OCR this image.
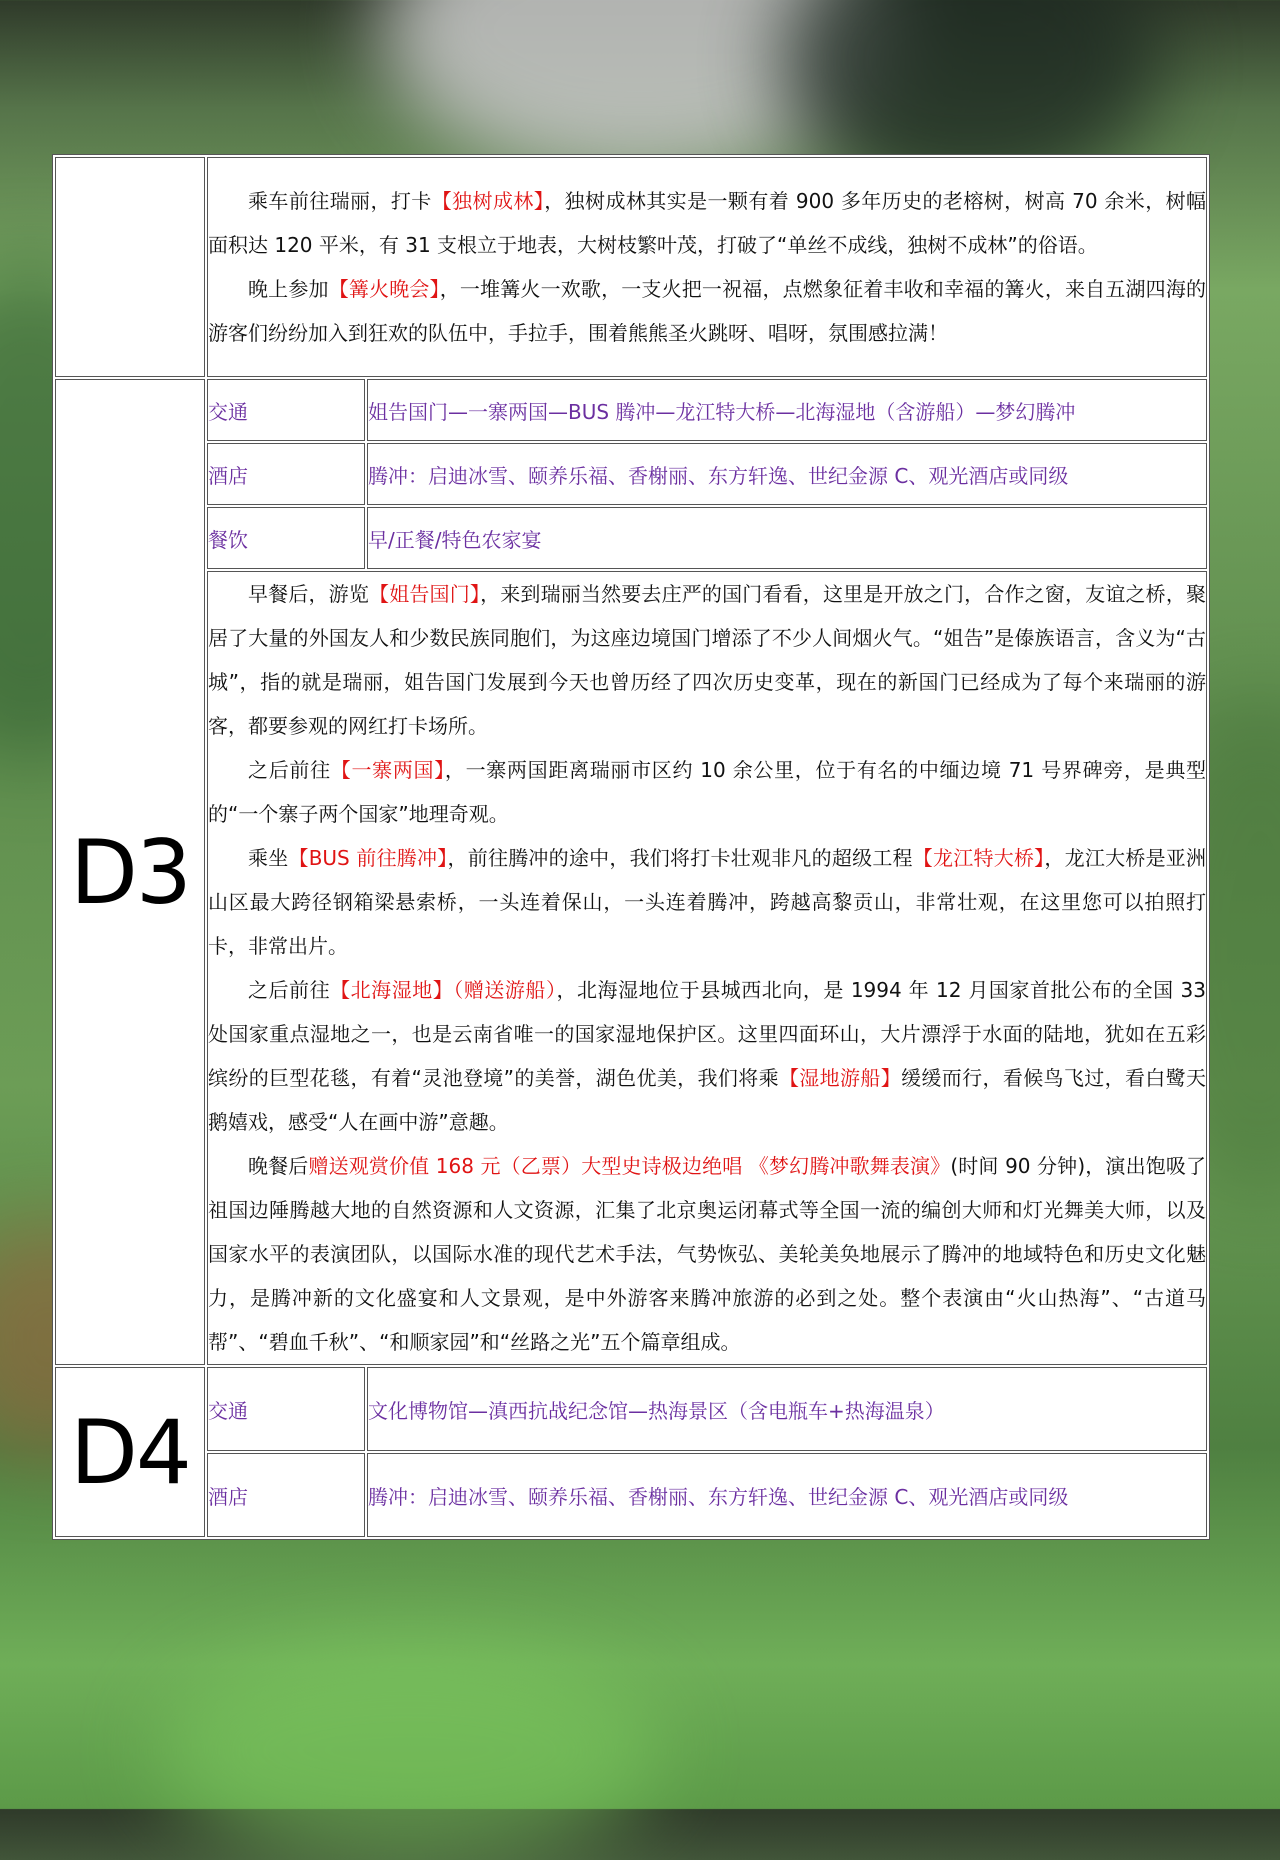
	乘车前往瑞丽，打卡【独树成林】，独树成林其实是一颗有着 900 多年历史的老榕树，树高 70 余米，树幅面积达 120 平米，有 31 支根立于地表，大树枝繁叶茂，打破了“单丝不成线，独树不成林”的俗语。

晚上参加【篝火晚会】，一堆篝火一欢歌，一支火把一祝福，点燃象征着丰收和幸福的篝火，来自五湖四海的游客们纷纷加入到狂欢的队伍中，手拉手，围着熊熊圣火跳呀、唱呀，氛围感拉满！	

D3	交通	姐告国门—一寨两国—BUS 腾冲—龙江特大桥—北海湿地（含游船）—梦幻腾冲
	酒店	腾冲：启迪冰雪、颐养乐福、香榭丽、东方轩逸、世纪金源 C、观光酒店或同级
	餐饮	早/正餐/特色农家宴

	早餐后，游览【姐告国门】，来到瑞丽当然要去庄严的国门看看，这里是开放之门，合作之窗，友谊之桥，聚居了大量的外国友人和少数民族同胞们，为这座边境国门增添了不少人间烟火气。“姐告”是傣族语言，含义为“古城”，指的就是瑞丽，姐告国门发展到今天也曾历经了四次历史变革，现在的新国门已经成为了每个来瑞丽的游客，都要参观的网红打卡场所。

之后前往【一寨两国】，一寨两国距离瑞丽市区约 10 余公里，位于有名的中缅边境 71 号界碑旁，是典型的“一个寨子两个国家”地理奇观。

乘坐【BUS 前往腾冲】，前往腾冲的途中，我们将打卡壮观非凡的超级工程【龙江特大桥】，龙江大桥是亚洲山区最大跨径钢箱梁悬索桥，一头连着保山，一头连着腾冲，跨越高黎贡山，非常壮观，在这里您可以拍照打卡，非常出片。

之后前往【北海湿地】（赠送游船），北海湿地位于县城西北向，是 1994 年 12 月国家首批公布的全国 33 处国家重点湿地之一，也是云南省唯一的国家湿地保护区。这里四面环山，大片漂浮于水面的陆地，犹如在五彩缤纷的巨型花毯，有着“灵池登境”的美誉，湖色优美，我们将乘【湿地游船】缓缓而行，看候鸟飞过，看白鹭天鹅嬉戏，感受“人在画中游”意趣。

晚餐后赠送观赏价值 168 元（乙票）大型史诗极边绝唱 《梦幻腾冲歌舞表演》(时间 90 分钟)，演出饱吸了祖国边陲腾越大地的自然资源和人文资源，汇集了北京奥运闭幕式等全国一流的编创大师和灯光舞美大师，以及国家水平的表演团队，以国际水准的现代艺术手法，气势恢弘、美轮美奂地展示了腾冲的地域特色和历史文化魅力，是腾冲新的文化盛宴和人文景观，是中外游客来腾冲旅游的必到之处。整个表演由“火山热海”、“古道马帮”、“碧血千秋”、“和顺家园”和“丝路之光”五个篇章组成。	

D4	交通	文化博物馆—滇西抗战纪念馆—热海景区（含电瓶车+热海温泉）
	酒店	腾冲：启迪冰雪、颐养乐福、香榭丽、东方轩逸、世纪金源 C、观光酒店或同级
